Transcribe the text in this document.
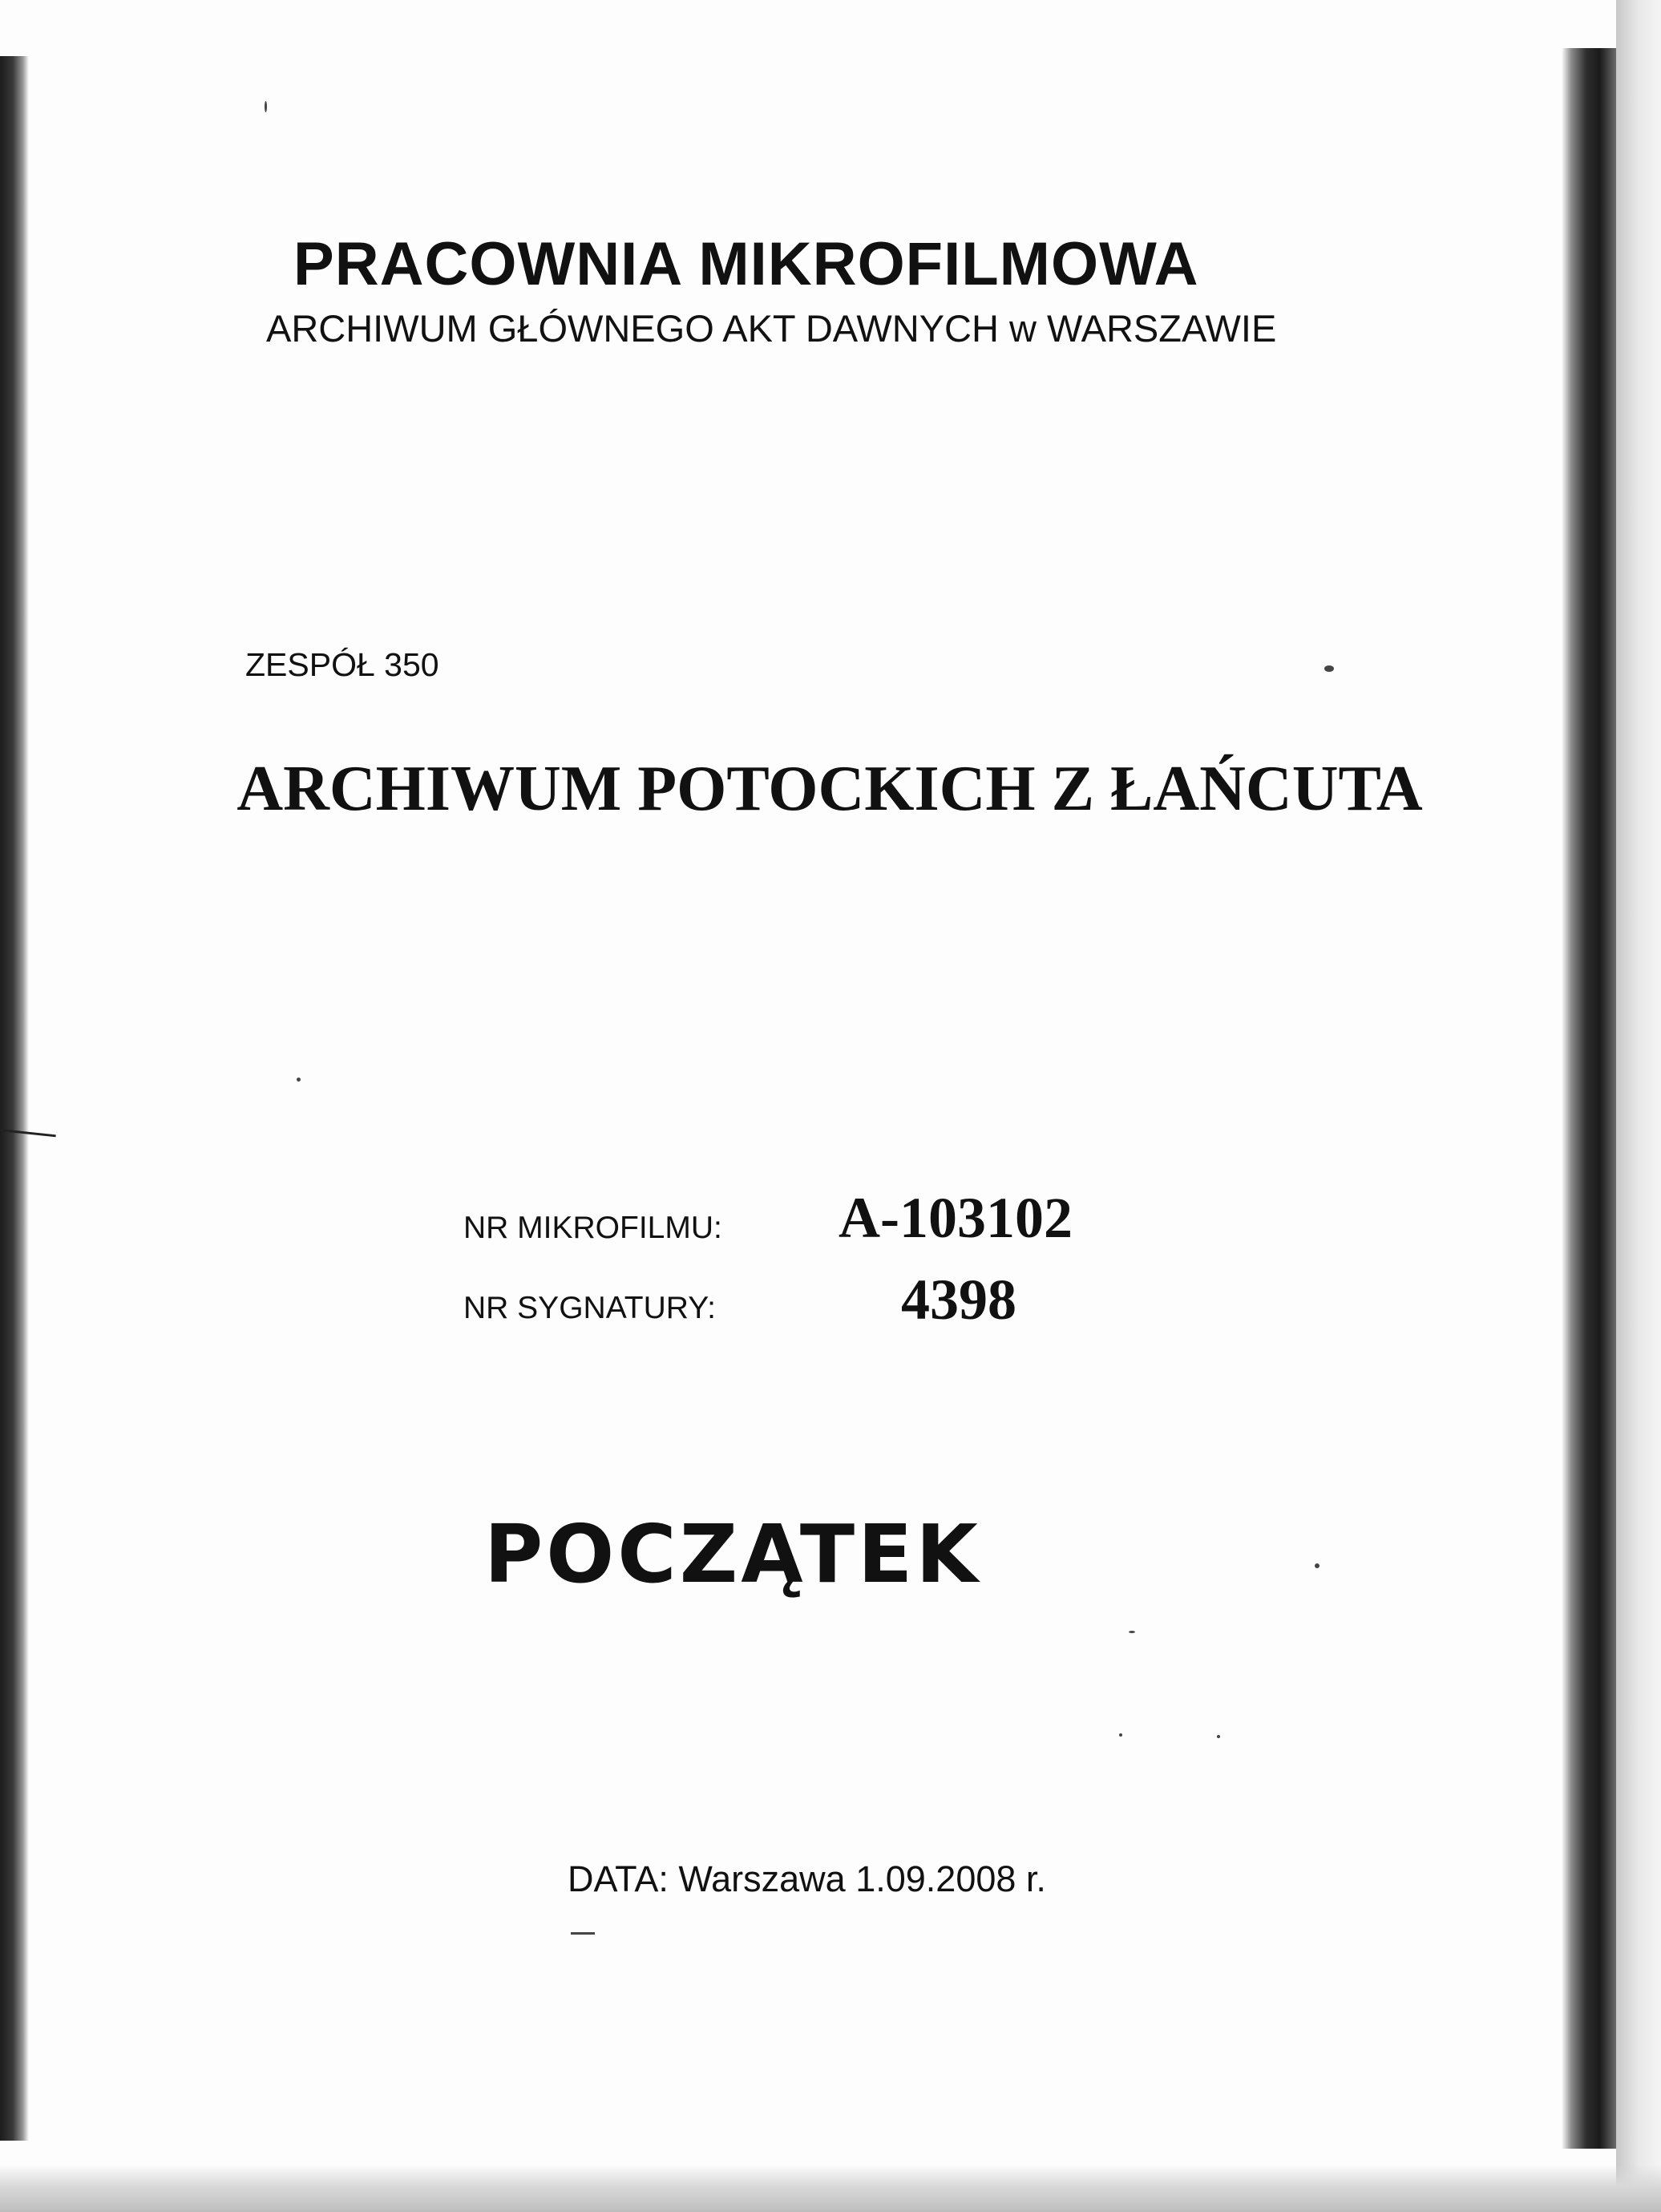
PRACOWNIA MIKROFILMOWA
ARCHIWUM GŁÓWNEGO AKT DAWNYCH w WARSZAWIE
ZESPÓŁ 350
ARCHIWUM POTOCKICH Z ŁAŃCUTA
NR MIKROFILMU: A-103102
NR SYGNATURY:	4398
POCZĄTEK
DATA: Warszawa 1.09.2008 r.
